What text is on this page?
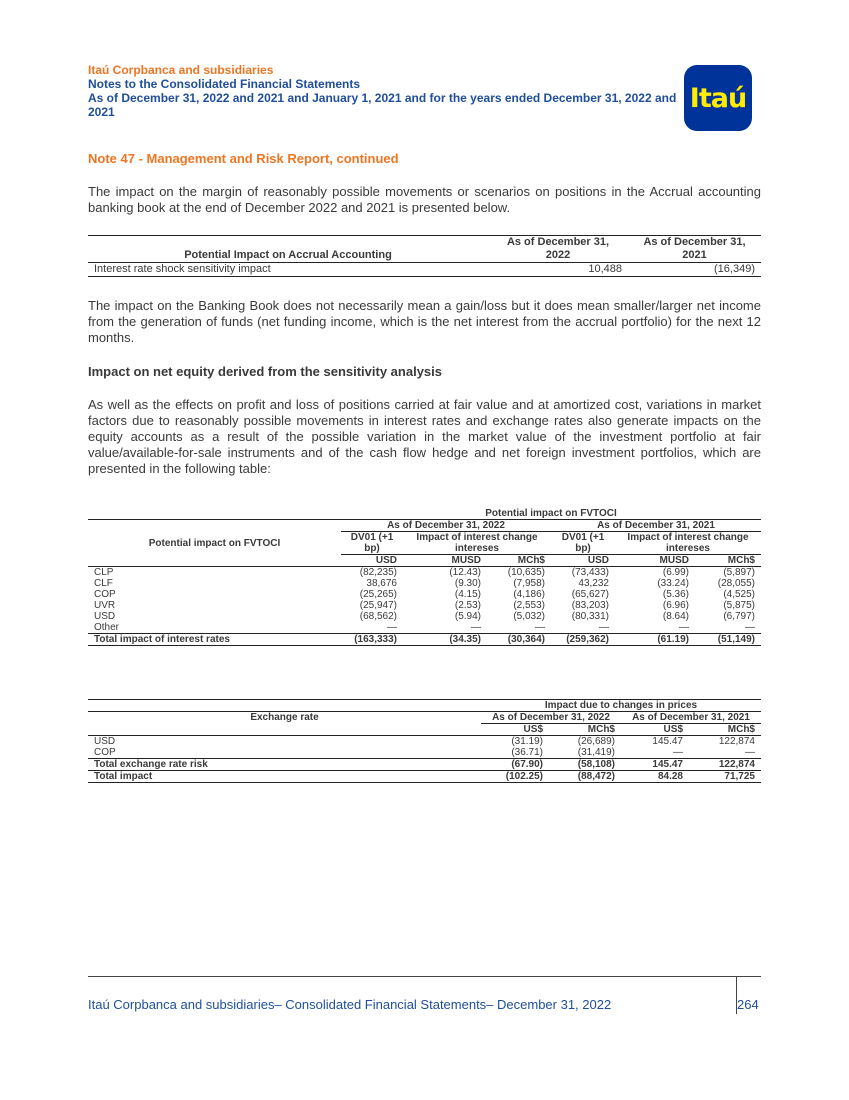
Itaú Corpbanca and subsidiaries
Notes to the Consolidated Financial Statements
As of December 31, 2022 and 2021 and January 1, 2021 and for the years ended December 31, 2022 and 2021	Itaú
Note 47 - Management and Risk Report, continued
The impact on the margin of reasonably possible movements or scenarios on positions in the Accrual accounting banking book at the end of December 2022 and 2021 is presented below.
Potential Impact on Accrual Accounting	As of December 31, 2022	As of December 31, 2021
Interest rate shock sensitivity impact	10,488	(16,349)
The impact on the Banking Book does not necessarily mean a gain/loss but it does mean smaller/larger net income from the generation of funds (net funding income, which is the net interest from the accrual portfolio) for the next 12 months.
Impact on net equity derived from the sensitivity analysis
As well as the effects on profit and loss of positions carried at fair value and at amortized cost, variations in market factors due to reasonably possible movements in interest rates and exchange rates also generate impacts on the equity accounts as a result of the possible variation in the market value of the investment portfolio at fair value/available-for-sale instruments and of the cash flow hedge and net foreign investment portfolios, which are presented in the following table:
	Potential impact on FVTOCI					
Potential impact on FVTOCI	As of December 31, 2022			As of December 31, 2021		
	DV01 (+1 bp)	Impact of interest change intereses		DV01 (+1 bp)	Impact of interest change intereses	
	USD	MUSD	MCh$	USD	MUSD	MCh$
CLP	(82,235)	(12.43)	(10,635)	(73,433)	(6.99)	(5,897)
CLF	38,676	(9.30)	(7,958)	43,232	(33.24)	(28,055)
COP	(25,265)	(4.15)	(4,186)	(65,627)	(5.36)	(4,525)
UVR	(25,947)	(2.53)	(2,553)	(83,203)	(6.96)	(5,875)
USD	(68,562)	(5.94)	(5,032)	(80,331)	(8.64)	(6,797)
Other	—	—	—	—	—	—
Total impact of interest rates	(163,333)	(34.35)	(30,364)	(259,362)	(61.19)	(51,149)
	Impact due to changes in prices			
Exchange rate	As of December 31, 2022		As of December 31, 2021	
	US$	MCh$	US$	MCh$
USD	(31.19)	(26,689)	145.47	122,874
COP	(36.71)	(31,419)	—	—
Total exchange rate risk	(67.90)	(58,108)	145.47	122,874
Total impact	(102.25)	(88,472)	84.28	71,725
Itaú Corpbanca and subsidiaries– Consolidated Financial Statements– December 31, 2022	264
